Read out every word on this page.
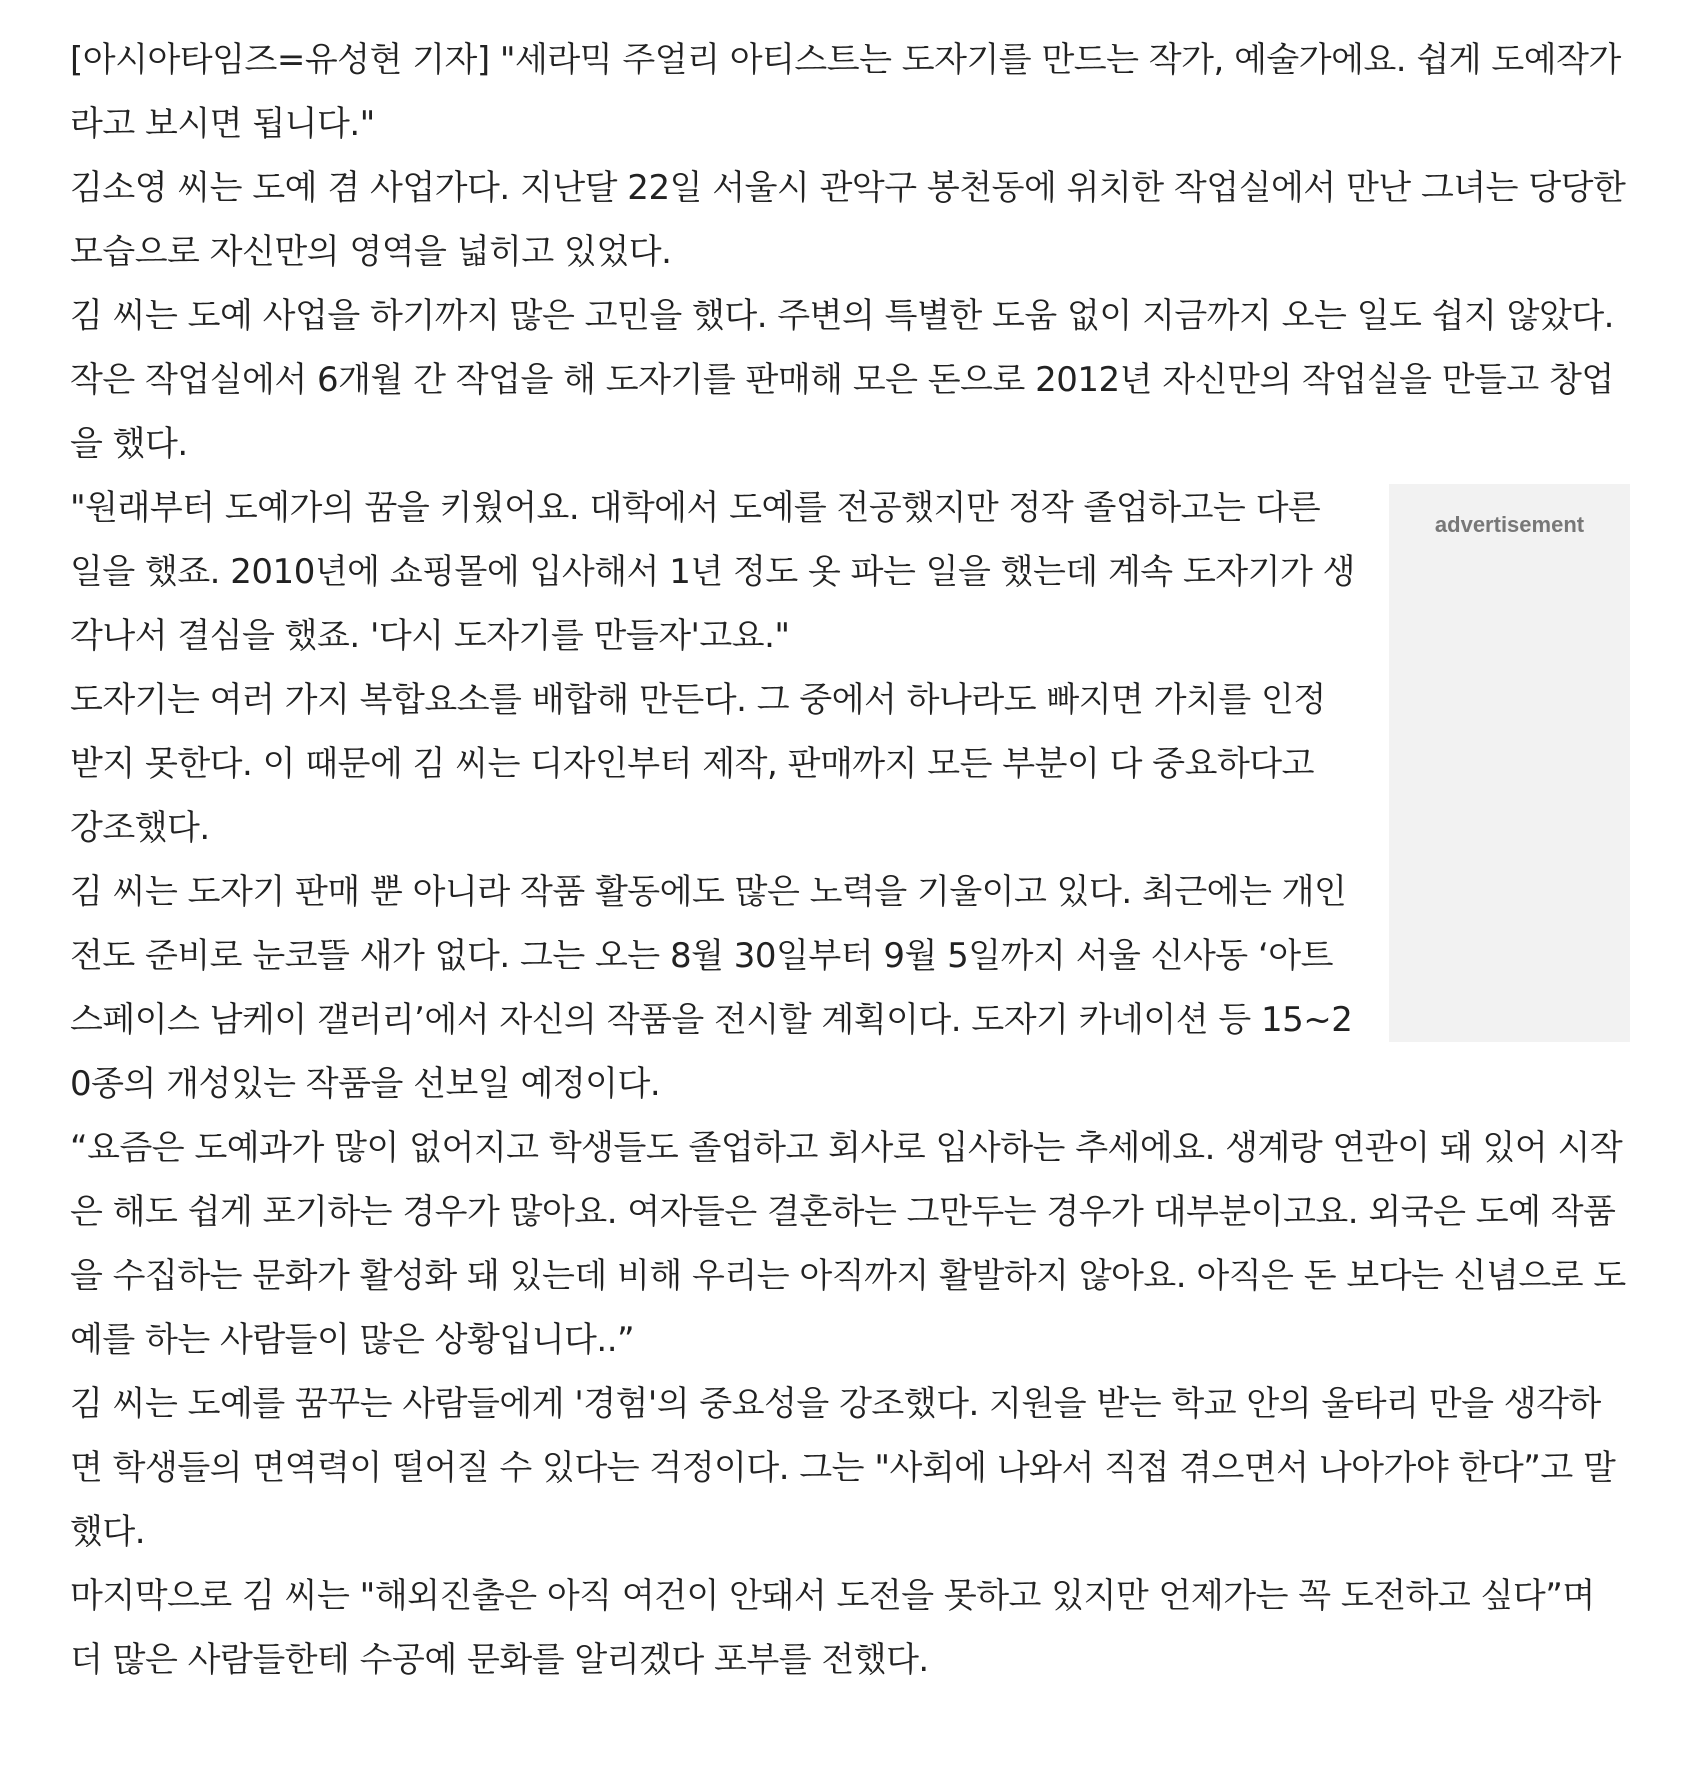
[아시아타임즈=유성현 기자] "세라믹 주얼리 아티스트는 도자기를 만드는 작가, 예술가에요. 쉽게 도예작가라고 보시면 됩니다."

김소영 씨는 도예 겸 사업가다. 지난달 22일 서울시 관악구 봉천동에 위치한 작업실에서 만난 그녀는 당당한 모습으로 자신만의 영역을 넓히고 있었다.

김 씨는 도예 사업을 하기까지 많은 고민을 했다. 주변의 특별한 도움 없이 지금까지 오는 일도 쉽지 않았다. 작은 작업실에서 6개월 간 작업을 해 도자기를 판매해 모은 돈으로 2012년 자신만의 작업실을 만들고 창업을 했다.

advertisement

"원래부터 도예가의 꿈을 키웠어요. 대학에서 도예를 전공했지만 정작 졸업하고는 다른 일을 했죠. 2010년에 쇼핑몰에 입사해서 1년 정도 옷 파는 일을 했는데 계속 도자기가 생각나서 결심을 했죠. '다시 도자기를 만들자'고요."

도자기는 여러 가지 복합요소를 배합해 만든다. 그 중에서 하나라도 빠지면 가치를 인정받지 못한다. 이 때문에 김 씨는 디자인부터 제작, 판매까지 모든 부분이 다 중요하다고 강조했다.

김 씨는 도자기 판매 뿐 아니라 작품 활동에도 많은 노력을 기울이고 있다. 최근에는 개인전도 준비로 눈코뜰 새가 없다. 그는 오는 8월 30일부터 9월 5일까지 서울 신사동 ‘아트스페이스 남케이 갤러리’에서 자신의 작품을 전시할 계획이다. 도자기 카네이션 등 15~20종의 개성있는 작품을 선보일 예정이다.

“요즘은 도예과가 많이 없어지고 학생들도 졸업하고 회사로 입사하는 추세에요. 생계랑 연관이 돼 있어 시작은 해도 쉽게 포기하는 경우가 많아요. 여자들은 결혼하는 그만두는 경우가 대부분이고요. 외국은 도예 작품을 수집하는 문화가 활성화 돼 있는데 비해 우리는 아직까지 활발하지 않아요. 아직은 돈 보다는 신념으로 도예를 하는 사람들이 많은 상황입니다..”

김 씨는 도예를 꿈꾸는 사람들에게 '경험'의 중요성을 강조했다. 지원을 받는 학교 안의 울타리 만을 생각하면 학생들의 면역력이 떨어질 수 있다는 걱정이다. 그는 "사회에 나와서 직접 겪으면서 나아가야 한다”고 말했다.

마지막으로 김 씨는 "해외진출은 아직 여건이 안돼서 도전을 못하고 있지만 언제가는 꼭 도전하고 싶다”며 더 많은 사람들한테 수공예 문화를 알리겠다 포부를 전했다.
